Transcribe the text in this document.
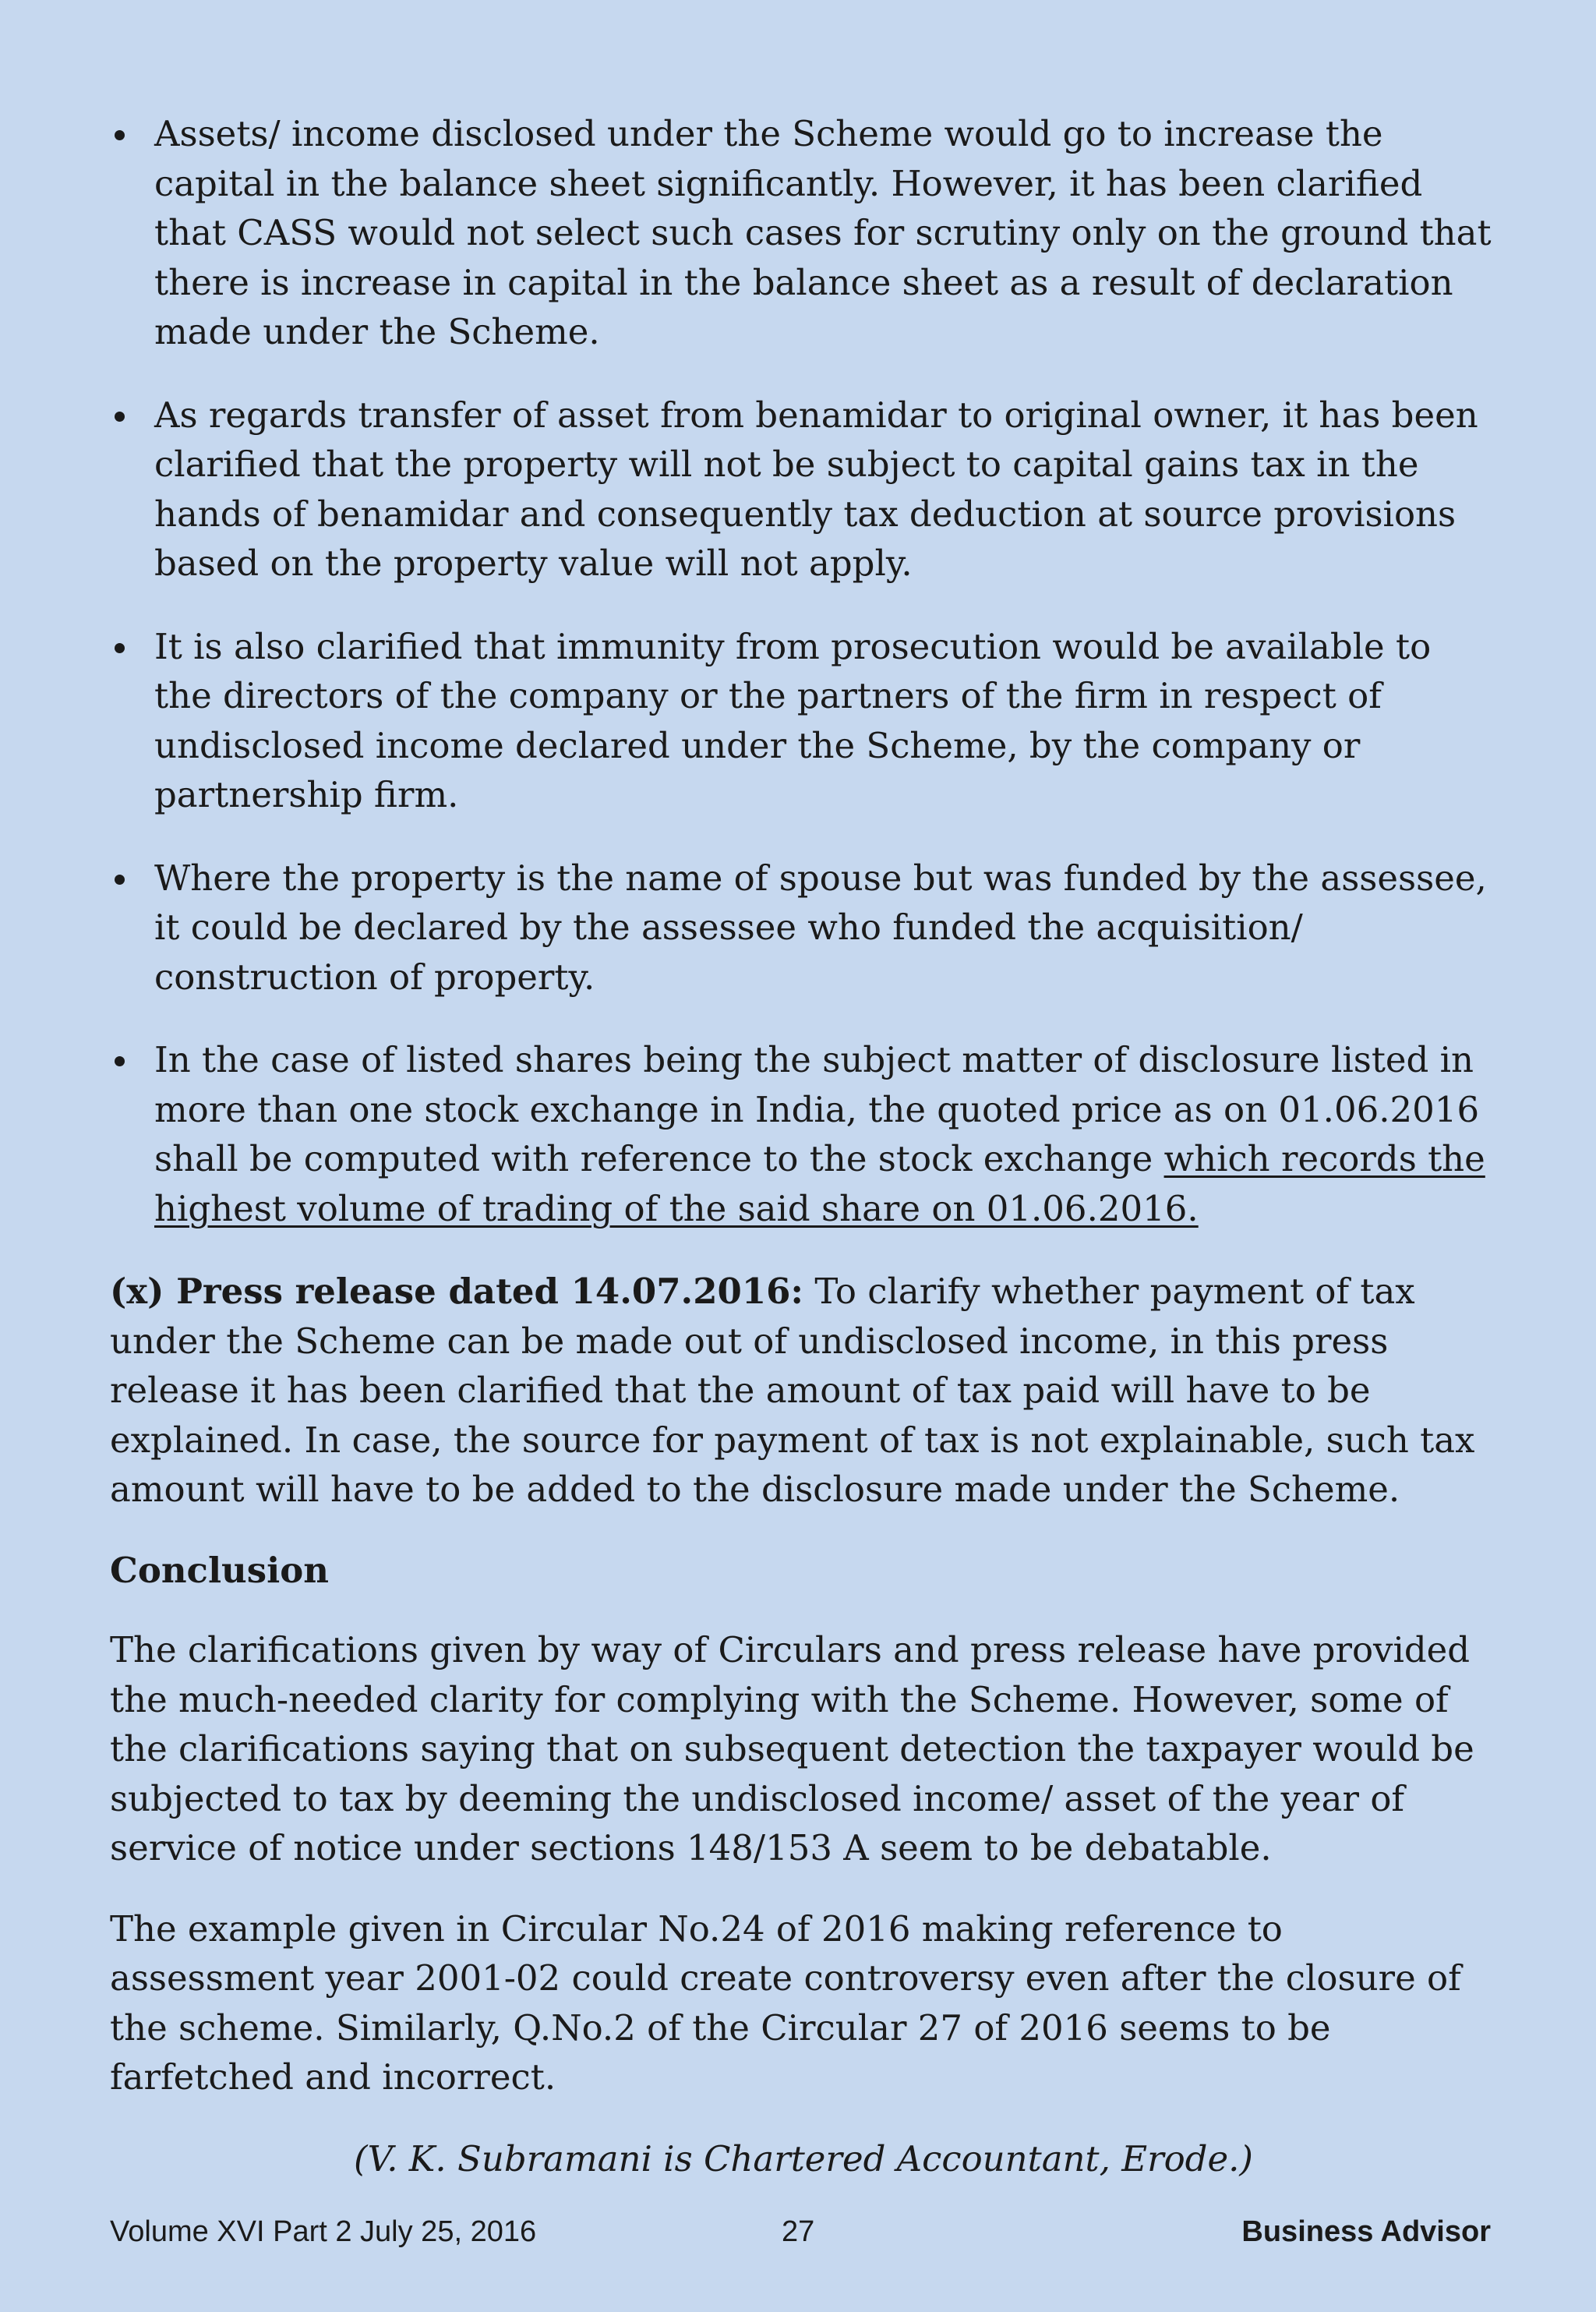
Assets/ income disclosed under the Scheme would go to increase the capital in the balance sheet significantly. However, it has been clarified that CASS would not select such cases for scrutiny only on the ground that there is increase in capital in the balance sheet as a result of declaration made under the Scheme.
As regards transfer of asset from benamidar to original owner, it has been clarified that the property will not be subject to capital gains tax in the hands of benamidar and consequently tax deduction at source provisions based on the property value will not apply.
It is also clarified that immunity from prosecution would be available to the directors of the company or the partners of the firm in respect of undisclosed income declared under the Scheme, by the company or partnership firm.
Where the property is the name of spouse but was funded by the assessee, it could be declared by the assessee who funded the acquisition/ construction of property.
In the case of listed shares being the subject matter of disclosure listed in more than one stock exchange in India, the quoted price as on 01.06.2016 shall be computed with reference to the stock exchange which records the highest volume of trading of the said share on 01.06.2016.

(x) Press release dated 14.07.2016: To clarify whether payment of tax under the Scheme can be made out of undisclosed income, in this press release it has been clarified that the amount of tax paid will have to be explained. In case, the source for payment of tax is not explainable, such tax amount will have to be added to the disclosure made under the Scheme.

Conclusion

The clarifications given by way of Circulars and press release have provided the much-needed clarity for complying with the Scheme. However, some of the clarifications saying that on subsequent detection the taxpayer would be subjected to tax by deeming the undisclosed income/ asset of the year of service of notice under sections 148/153 A seem to be debatable.

The example given in Circular No.24 of 2016 making reference to assessment year 2001-02 could create controversy even after the closure of the scheme. Similarly, Q.No.2 of the Circular 27 of 2016 seems to be farfetched and incorrect.

(V. K. Subramani is Chartered Accountant, Erode.)
Volume XVI Part 2 July 25, 2016	27	Business Advisor
